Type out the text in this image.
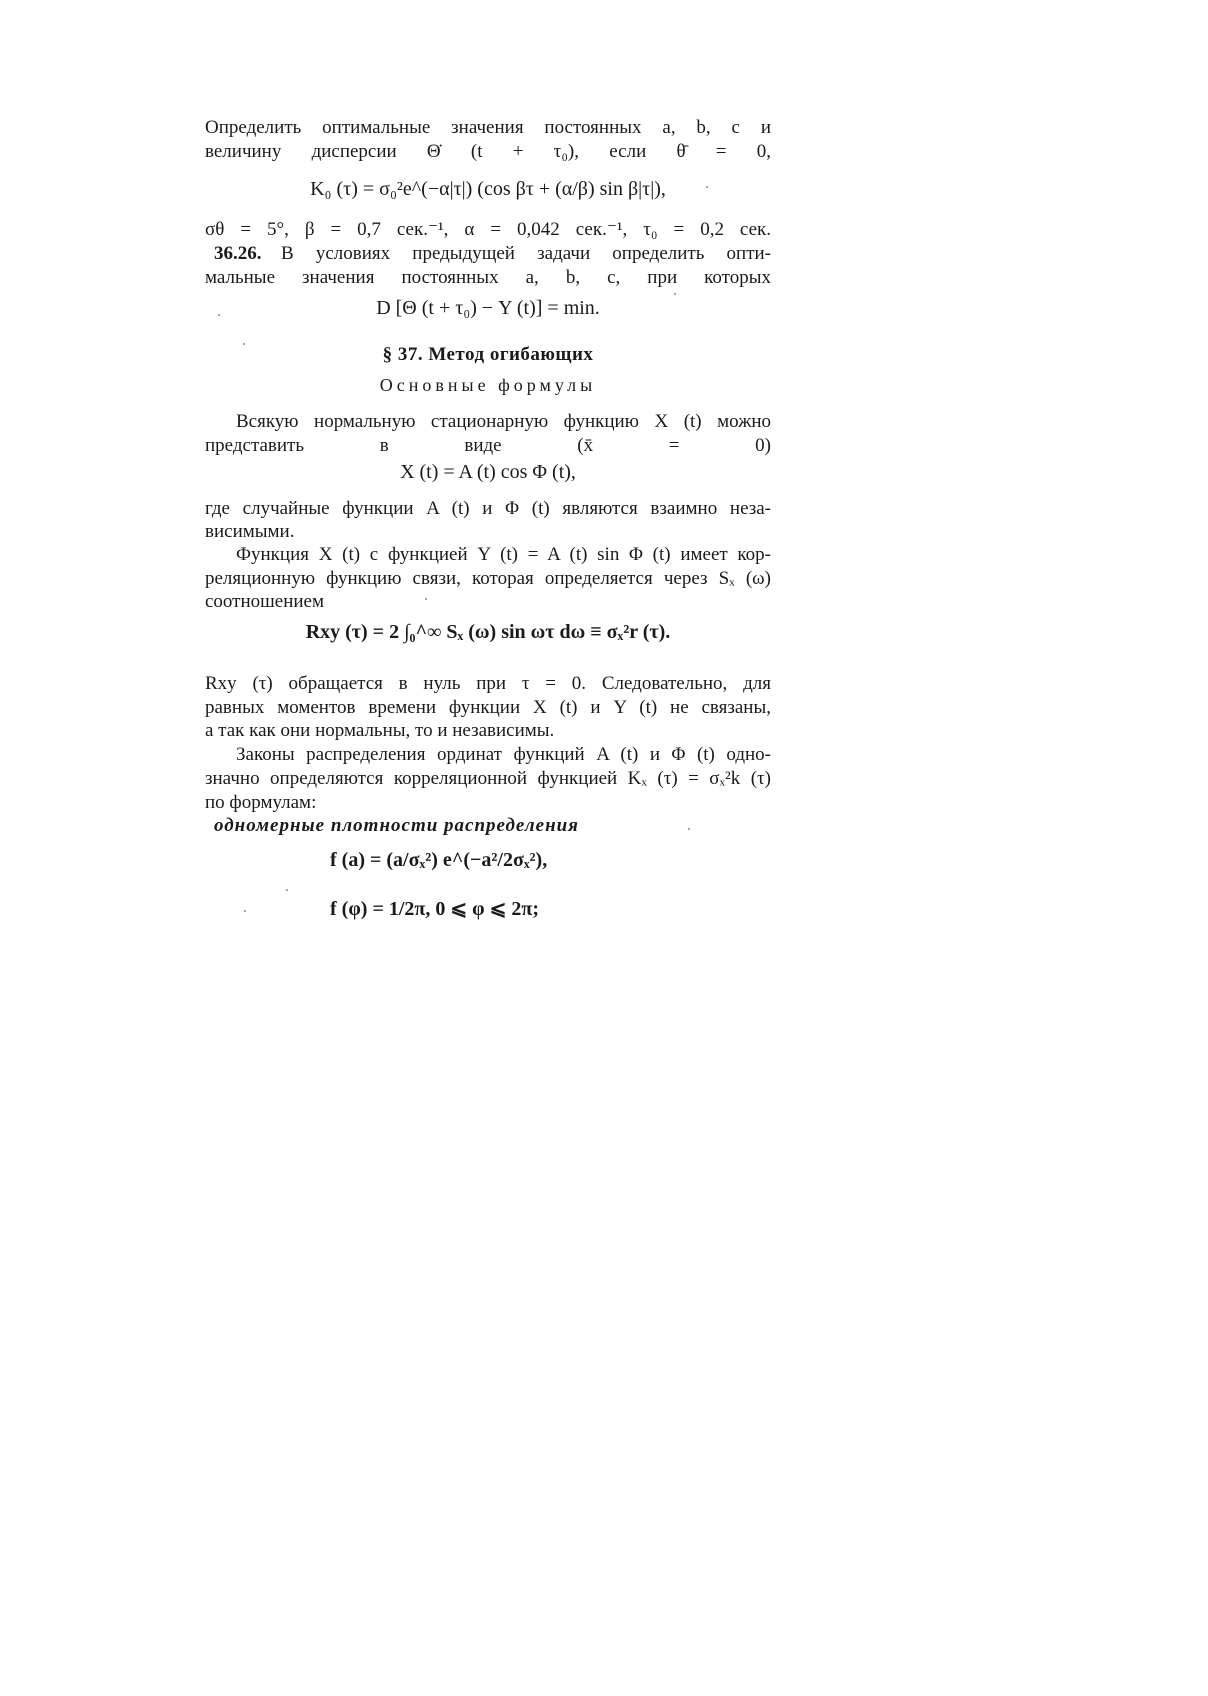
Определить оптимальные значения постоянных a, b, c и
величину дисперсии Θ̇ (t + τ₀), если θ̄ = 0,
K₀ (τ) = σ₀²e^(−α|τ|) (cos βτ + (α/β) sin β|τ|),
σθ = 5°, β = 0,7 сек.⁻¹, α = 0,042 сек.⁻¹, τ₀ = 0,2 сек.
36.26. В условиях предыдущей задачи определить опти-
мальные значения постоянных a, b, c, при которых
D [Θ (t + τ₀) − Y (t)] = min.
§ 37. Метод огибающих
Основные формулы
Всякую нормальную стационарную функцию X (t) можно
представить в виде (x̄ = 0)
X (t) = A (t) cos Φ (t),
где случайные функции A (t) и Φ (t) являются взаимно неза-
висимыми.
Функция X (t) с функцией Y (t) = A (t) sin Φ (t) имеет кор-
реляционную функцию связи, которая определяется через Sₓ (ω)
соотношением
Rxy (τ) = 2 ∫₀^∞ Sₓ (ω) sin ωτ dω ≡ σₓ²r (τ).
Rxy (τ) обращается в нуль при τ = 0. Следовательно, для
равных моментов времени функции X (t) и Y (t) не связаны,
а так как они нормальны, то и независимы.
Законы распределения ординат функций A (t) и Φ (t) одно-
значно определяются корреляционной функцией Kₓ (τ) = σₓ²k (τ)
по формулам:
одномерные плотности распределения
f (a) = (a/σₓ²) e^(−a²/2σₓ²),
f (φ) = 1/2π, 0 ⩽ φ ⩽ 2π;
